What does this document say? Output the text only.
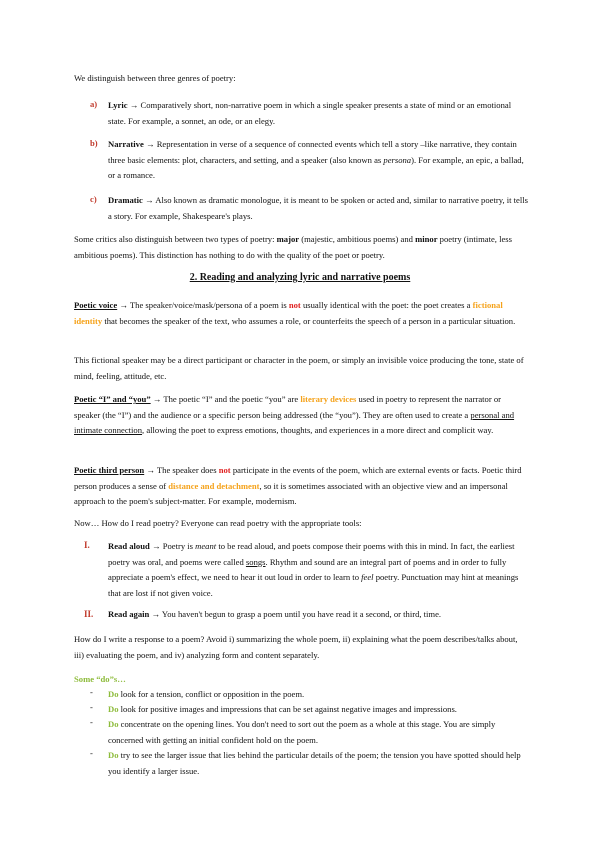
We distinguish between three genres of poetry:

a) Lyric → Comparatively short, non-narrative poem in which a single speaker presents a state of mind or an emotional state. For example, a sonnet, an ode, or an elegy.

b) Narrative → Representation in verse of a sequence of connected events which tell a story –like narrative, they contain three basic elements: plot, characters, and setting, and a speaker (also known as persona). For example, an epic, a ballad, or a romance.

c) Dramatic → Also known as dramatic monologue, it is meant to be spoken or acted and, similar to narrative poetry, it tells a story. For example, Shakespeare's plays.

Some critics also distinguish between two types of poetry: major (majestic, ambitious poems) and minor poetry (intimate, less ambitious poems). This distinction has nothing to do with the quality of the poet or poetry.

2. Reading and analyzing lyric and narrative poems

Poetic voice → The speaker/voice/mask/persona of a poem is not usually identical with the poet: the poet creates a fictional identity that becomes the speaker of the text, who assumes a role, or counterfeits the speech of a person in a particular situation.

This fictional speaker may be a direct participant or character in the poem, or simply an invisible voice producing the tone, state of mind, feeling, attitude, etc.

Poetic “I” and “you” → The poetic “I” and the poetic “you” are literary devices used in poetry to represent the narrator or speaker (the “I”) and the audience or a specific person being addressed (the “you”). They are often used to create a personal and intimate connection, allowing the poet to express emotions, thoughts, and experiences in a more direct and complicit way.

Poetic third person → The speaker does not participate in the events of the poem, which are external events or facts. Poetic third person produces a sense of distance and detachment, so it is sometimes associated with an objective view and an impersonal approach to the poem's subject-matter. For example, modernism.

Now… How do I read poetry? Everyone can read poetry with the appropriate tools:

I. Read aloud → Poetry is meant to be read aloud, and poets compose their poems with this in mind. In fact, the earliest poetry was oral, and poems were called songs. Rhythm and sound are an integral part of poems and in order to fully appreciate a poem's effect, we need to hear it out loud in order to learn to feel poetry. Punctuation may hint at meanings that are lost if not given voice.

II. Read again → You haven't begun to grasp a poem until you have read it a second, or third, time.

How do I write a response to a poem? Avoid i) summarizing the whole poem, ii) explaining what the poem describes/talks about, iii) evaluating the poem, and iv) analyzing form and content separately.

Some “do”s…

- Do look for a tension, conflict or opposition in the poem.

- Do look for positive images and impressions that can be set against negative images and impressions.

- Do concentrate on the opening lines. You don't need to sort out the poem as a whole at this stage. You are simply concerned with getting an initial confident hold on the poem.

- Do try to see the larger issue that lies behind the particular details of the poem; the tension you have spotted should help you identify a larger issue.
